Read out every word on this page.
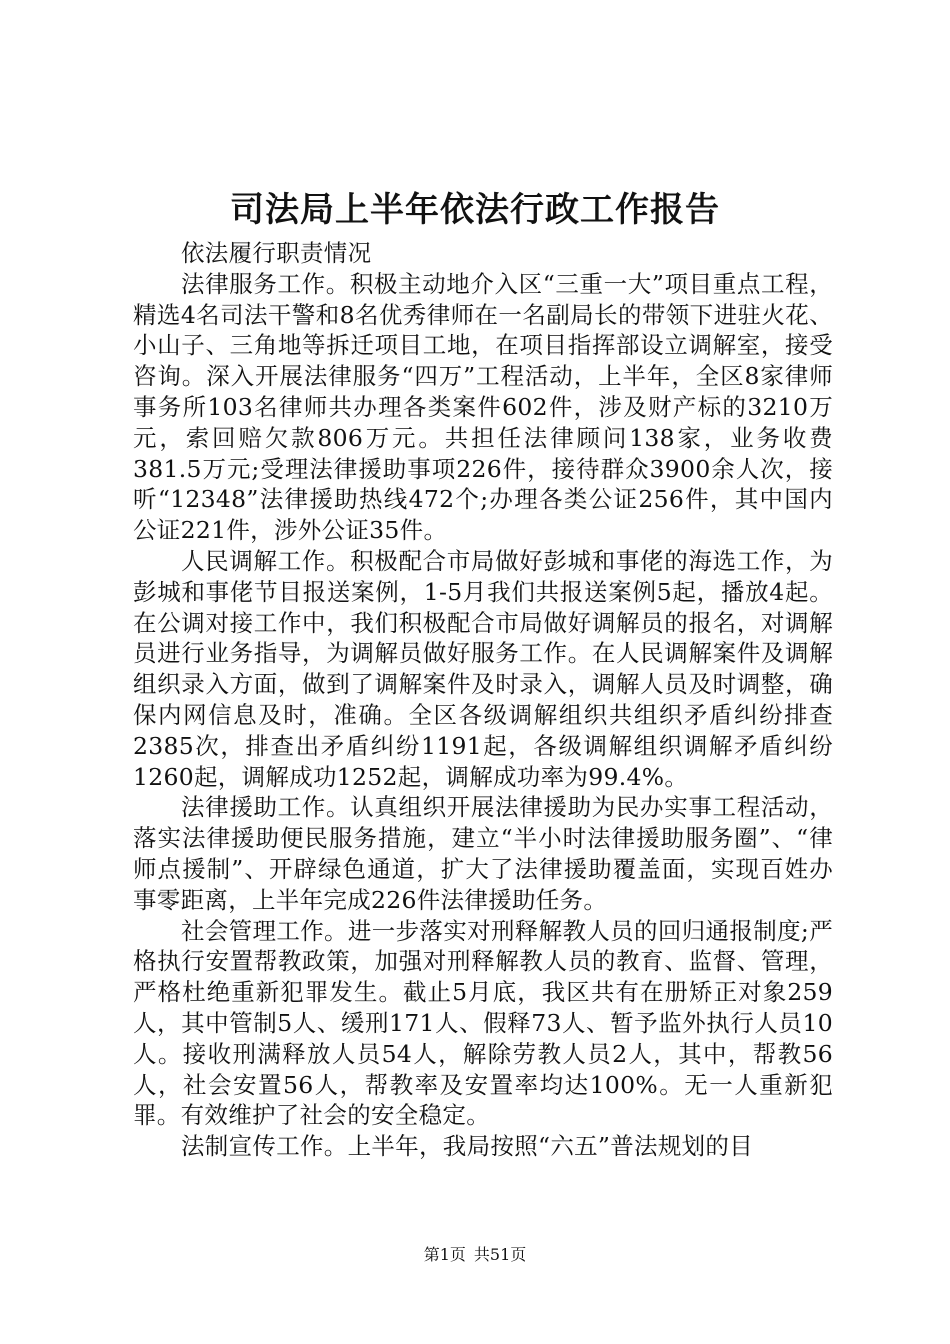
司法局上半年依法行政工作报告

依法履行职责情况

法律服务工作。积极主动地介入区“三重一大”项目重点工程，精选4名司法干警和8名优秀律师在一名副局长的带领下进驻火花、小山子、三角地等拆迁项目工地，在项目指挥部设立调解室，接受咨询。深入开展法律服务“四万”工程活动，上半年，全区8家律师事务所103名律师共办理各类案件602件，涉及财产标的3210万元，索回赔欠款806万元。共担任法律顾问138家，业务收费381.5万元;受理法律援助事项226件，接待群众3900余人次，接听“12348”法律援助热线472个;办理各类公证256件，其中国内公证221件，涉外公证35件。

人民调解工作。积极配合市局做好彭城和事佬的海选工作，为彭城和事佬节目报送案例，1-5月我们共报送案例5起，播放4起。在公调对接工作中，我们积极配合市局做好调解员的报名，对调解员进行业务指导，为调解员做好服务工作。在人民调解案件及调解组织录入方面，做到了调解案件及时录入，调解人员及时调整，确保内网信息及时，准确。全区各级调解组织共组织矛盾纠纷排查2385次，排查出矛盾纠纷1191起，各级调解组织调解矛盾纠纷1260起，调解成功1252起，调解成功率为99.4%。

法律援助工作。认真组织开展法律援助为民办实事工程活动，落实法律援助便民服务措施，建立“半小时法律援助服务圈”、“律师点援制”、开辟绿色通道，扩大了法律援助覆盖面，实现百姓办事零距离，上半年完成226件法律援助任务。

社会管理工作。进一步落实对刑释解教人员的回归通报制度;严格执行安置帮教政策，加强对刑释解教人员的教育、监督、管理，严格杜绝重新犯罪发生。截止5月底，我区共有在册矫正对象259人，其中管制5人、缓刑171人、假释73人、暂予监外执行人员10人。接收刑满释放人员54人，解除劳教人员2人，其中，帮教56人，社会安置56人，帮教率及安置率均达100%。无一人重新犯罪。有效维护了社会的安全稳定。

法制宣传工作。上半年，我局按照“六五”普法规划的目

第1页 共51页
